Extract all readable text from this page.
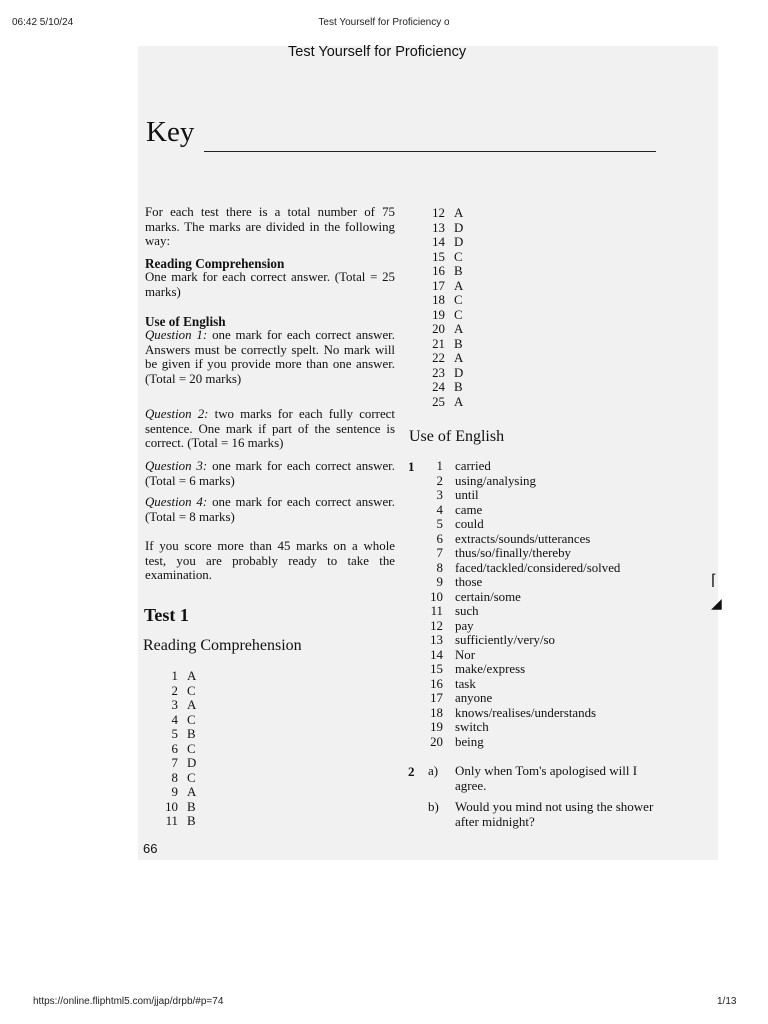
06:42 5/10/24	Test Yourself for Proficiency o
Test Yourself for Proficiency
Key
For each test there is a total number of 75 marks. The marks are divided in the following way:
Reading Comprehension
One mark for each correct answer. (Total = 25 marks)
Use of English
Question 1: one mark for each correct answer. Answers must be correctly spelt. No mark will be given if you provide more than one answer. (Total = 20 marks)
Question 2: two marks for each fully correct sentence. One mark if part of the sentence is correct. (Total = 16 marks)
Question 3: one mark for each correct answer. (Total = 6 marks)
Question 4: one mark for each correct answer. (Total = 8 marks)
If you score more than 45 marks on a whole test, you are probably ready to take the examination.
Test 1
Reading Comprehension
1 A
2 C
3 A
4 C
5 B
6 C
7 D
8 C
9 A
10 B
11 B
12 A
13 D
14 D
15 C
16 B
17 A
18 C
19 C
20 A
21 B
22 A
23 D
24 B
25 A
Use of English
1	1 carried
2 using/analysing
3 until
4 came
5 could
6 extracts/sounds/utterances
7 thus/so/finally/thereby
8 faced/tackled/considered/solved
9 those
10 certain/some
11 such
12 pay
13 sufficiently/very/so
14 Nor
15 make/express
16 task
17 anyone
18 knows/realises/understands
19 switch
20 being
2 a) Only when Tom's apologised will I agree.
b) Would you mind not using the shower after midnight?
⌈
◢
66
https://online.fliphtml5.com/jjap/drpb/#p=74	1/13
